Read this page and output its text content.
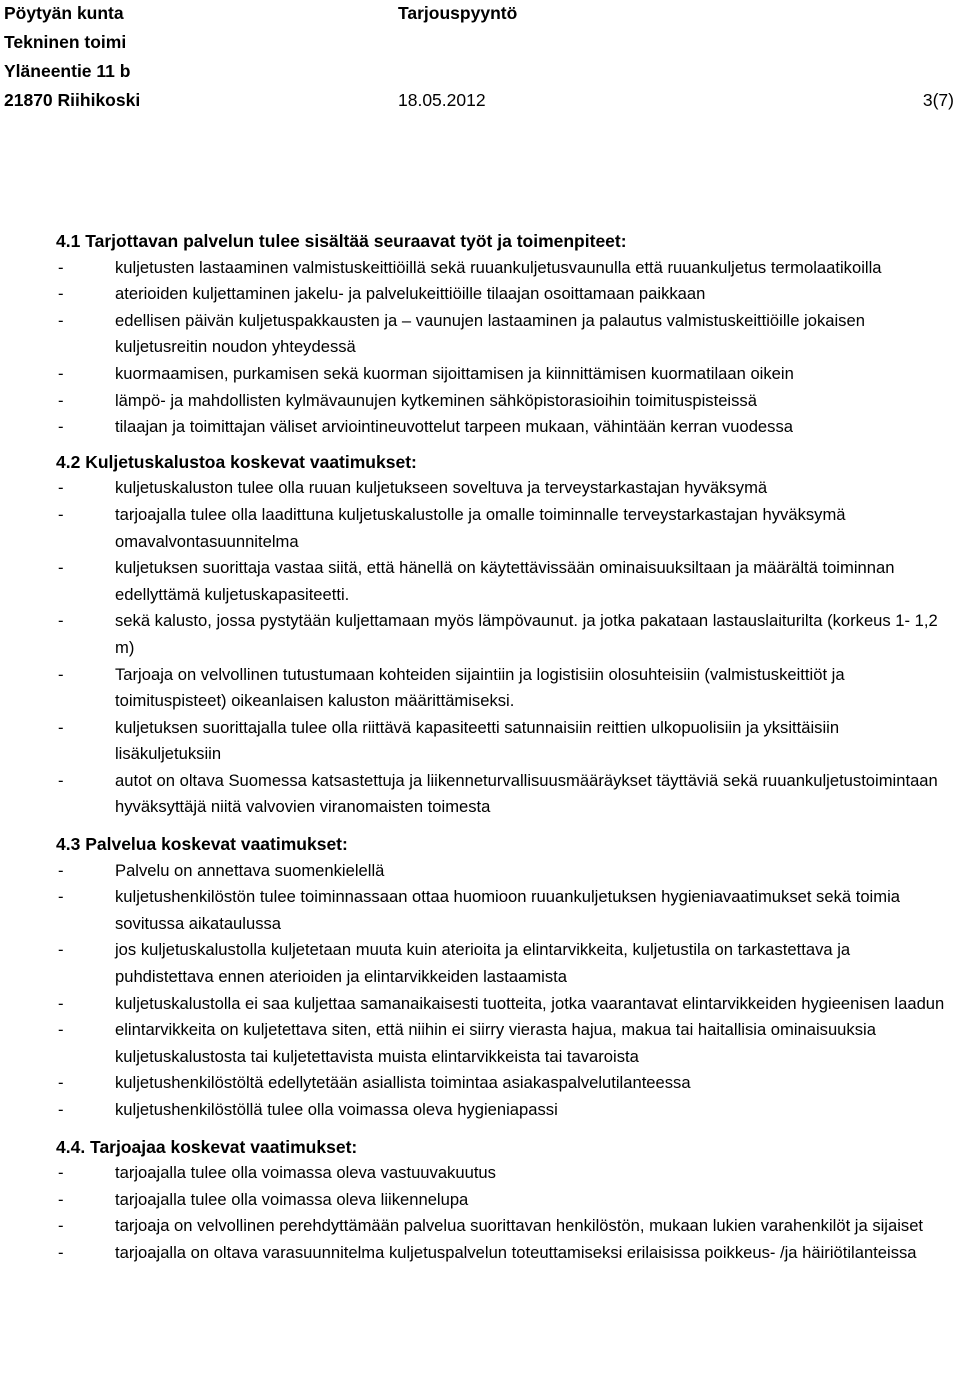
Pöytyän kunta
Tekninen toimi
Yläneentie 11 b
21870 Riihikoski
Tarjouspyyntö
18.05.2012	3(7)
4.1 Tarjottavan palvelun tulee sisältää seuraavat työt ja toimenpiteet:
-	kuljetusten lastaaminen valmistuskeittiöillä sekä ruuankuljetusvaunulla että ruuankuljetus termolaatikoilla
-	aterioiden kuljettaminen jakelu- ja palvelukeittiöille tilaajan osoittamaan paikkaan
-	edellisen päivän kuljetuspakkausten ja – vaunujen lastaaminen ja palautus valmistuskeittiöille jokaisen kuljetusreitin noudon yhteydessä
-	kuormaamisen, purkamisen sekä kuorman sijoittamisen ja kiinnittämisen kuormatilaan oikein
-	lämpö- ja mahdollisten kylmävaunujen kytkeminen sähköpistorasioihin toimituspisteissä
-	tilaajan ja toimittajan väliset arviointineuvottelut tarpeen mukaan, vähintään kerran vuodessa
4.2 Kuljetuskalustoa koskevat vaatimukset:
-	kuljetuskaluston tulee olla ruuan kuljetukseen soveltuva ja terveystarkastajan hyväksymä
-	tarjoajalla tulee olla laadittuna kuljetuskalustolle ja omalle toiminnalle terveystarkastajan hyväksymä omavalvontasuunnitelma
-	kuljetuksen suorittaja vastaa siitä, että hänellä on käytettävissään ominaisuuksiltaan ja määrältä toiminnan edellyttämä kuljetuskapasiteetti.
-	sekä kalusto, jossa pystytään kuljettamaan myös lämpövaunut. ja jotka pakataan lastauslaiturilta (korkeus 1- 1,2 m)
-	Tarjoaja on velvollinen tutustumaan kohteiden sijaintiin ja logistisiin olosuhteisiin (valmistuskeittiöt ja toimituspisteet) oikeanlaisen kaluston määrittämiseksi.
-	kuljetuksen suorittajalla tulee olla riittävä kapasiteetti satunnaisiin reittien ulkopuolisiin ja yksittäisiin lisäkuljetuksiin
-	autot on oltava Suomessa katsastettuja ja liikenneturvallisuusmääräykset täyttäviä sekä ruuankuljetustoimintaan hyväksyttäjä niitä valvovien viranomaisten toimesta
4.3 Palvelua koskevat vaatimukset:
-	Palvelu on annettava suomenkielellä
-	kuljetushenkilöstön tulee toiminnassaan ottaa huomioon ruuankuljetuksen hygieniavaatimukset sekä toimia sovitussa aikataulussa
-	jos kuljetuskalustolla kuljetetaan muuta kuin aterioita ja elintarvikkeita, kuljetustila on tarkastettava ja puhdistettava ennen aterioiden ja elintarvikkeiden lastaamista
-	kuljetuskalustolla ei saa kuljettaa samanaikaisesti tuotteita, jotka vaarantavat elintarvikkeiden hygieenisen laadun
-	elintarvikkeita on kuljetettava siten, että niihin ei siirry vierasta hajua, makua tai haitallisia ominaisuuksia kuljetuskalustosta tai kuljetettavista muista elintarvikkeista tai tavaroista
-	kuljetushenkilöstöltä edellytetään asiallista toimintaa asiakaspalvelutilanteessa
-	kuljetushenkilöstöllä tulee olla voimassa oleva hygieniapassi
4.4. Tarjoajaa koskevat vaatimukset:
-	tarjoajalla tulee olla voimassa oleva vastuuvakuutus
-	tarjoajalla tulee olla voimassa oleva liikennelupa
-	tarjoaja on velvollinen perehdyttämään palvelua suorittavan henkilöstön, mukaan lukien varahenkilöt ja sijaiset
-	tarjoajalla on oltava varasuunnitelma kuljetuspalvelun toteuttamiseksi erilaisissa poikkeus- /ja häiriötilanteissa
